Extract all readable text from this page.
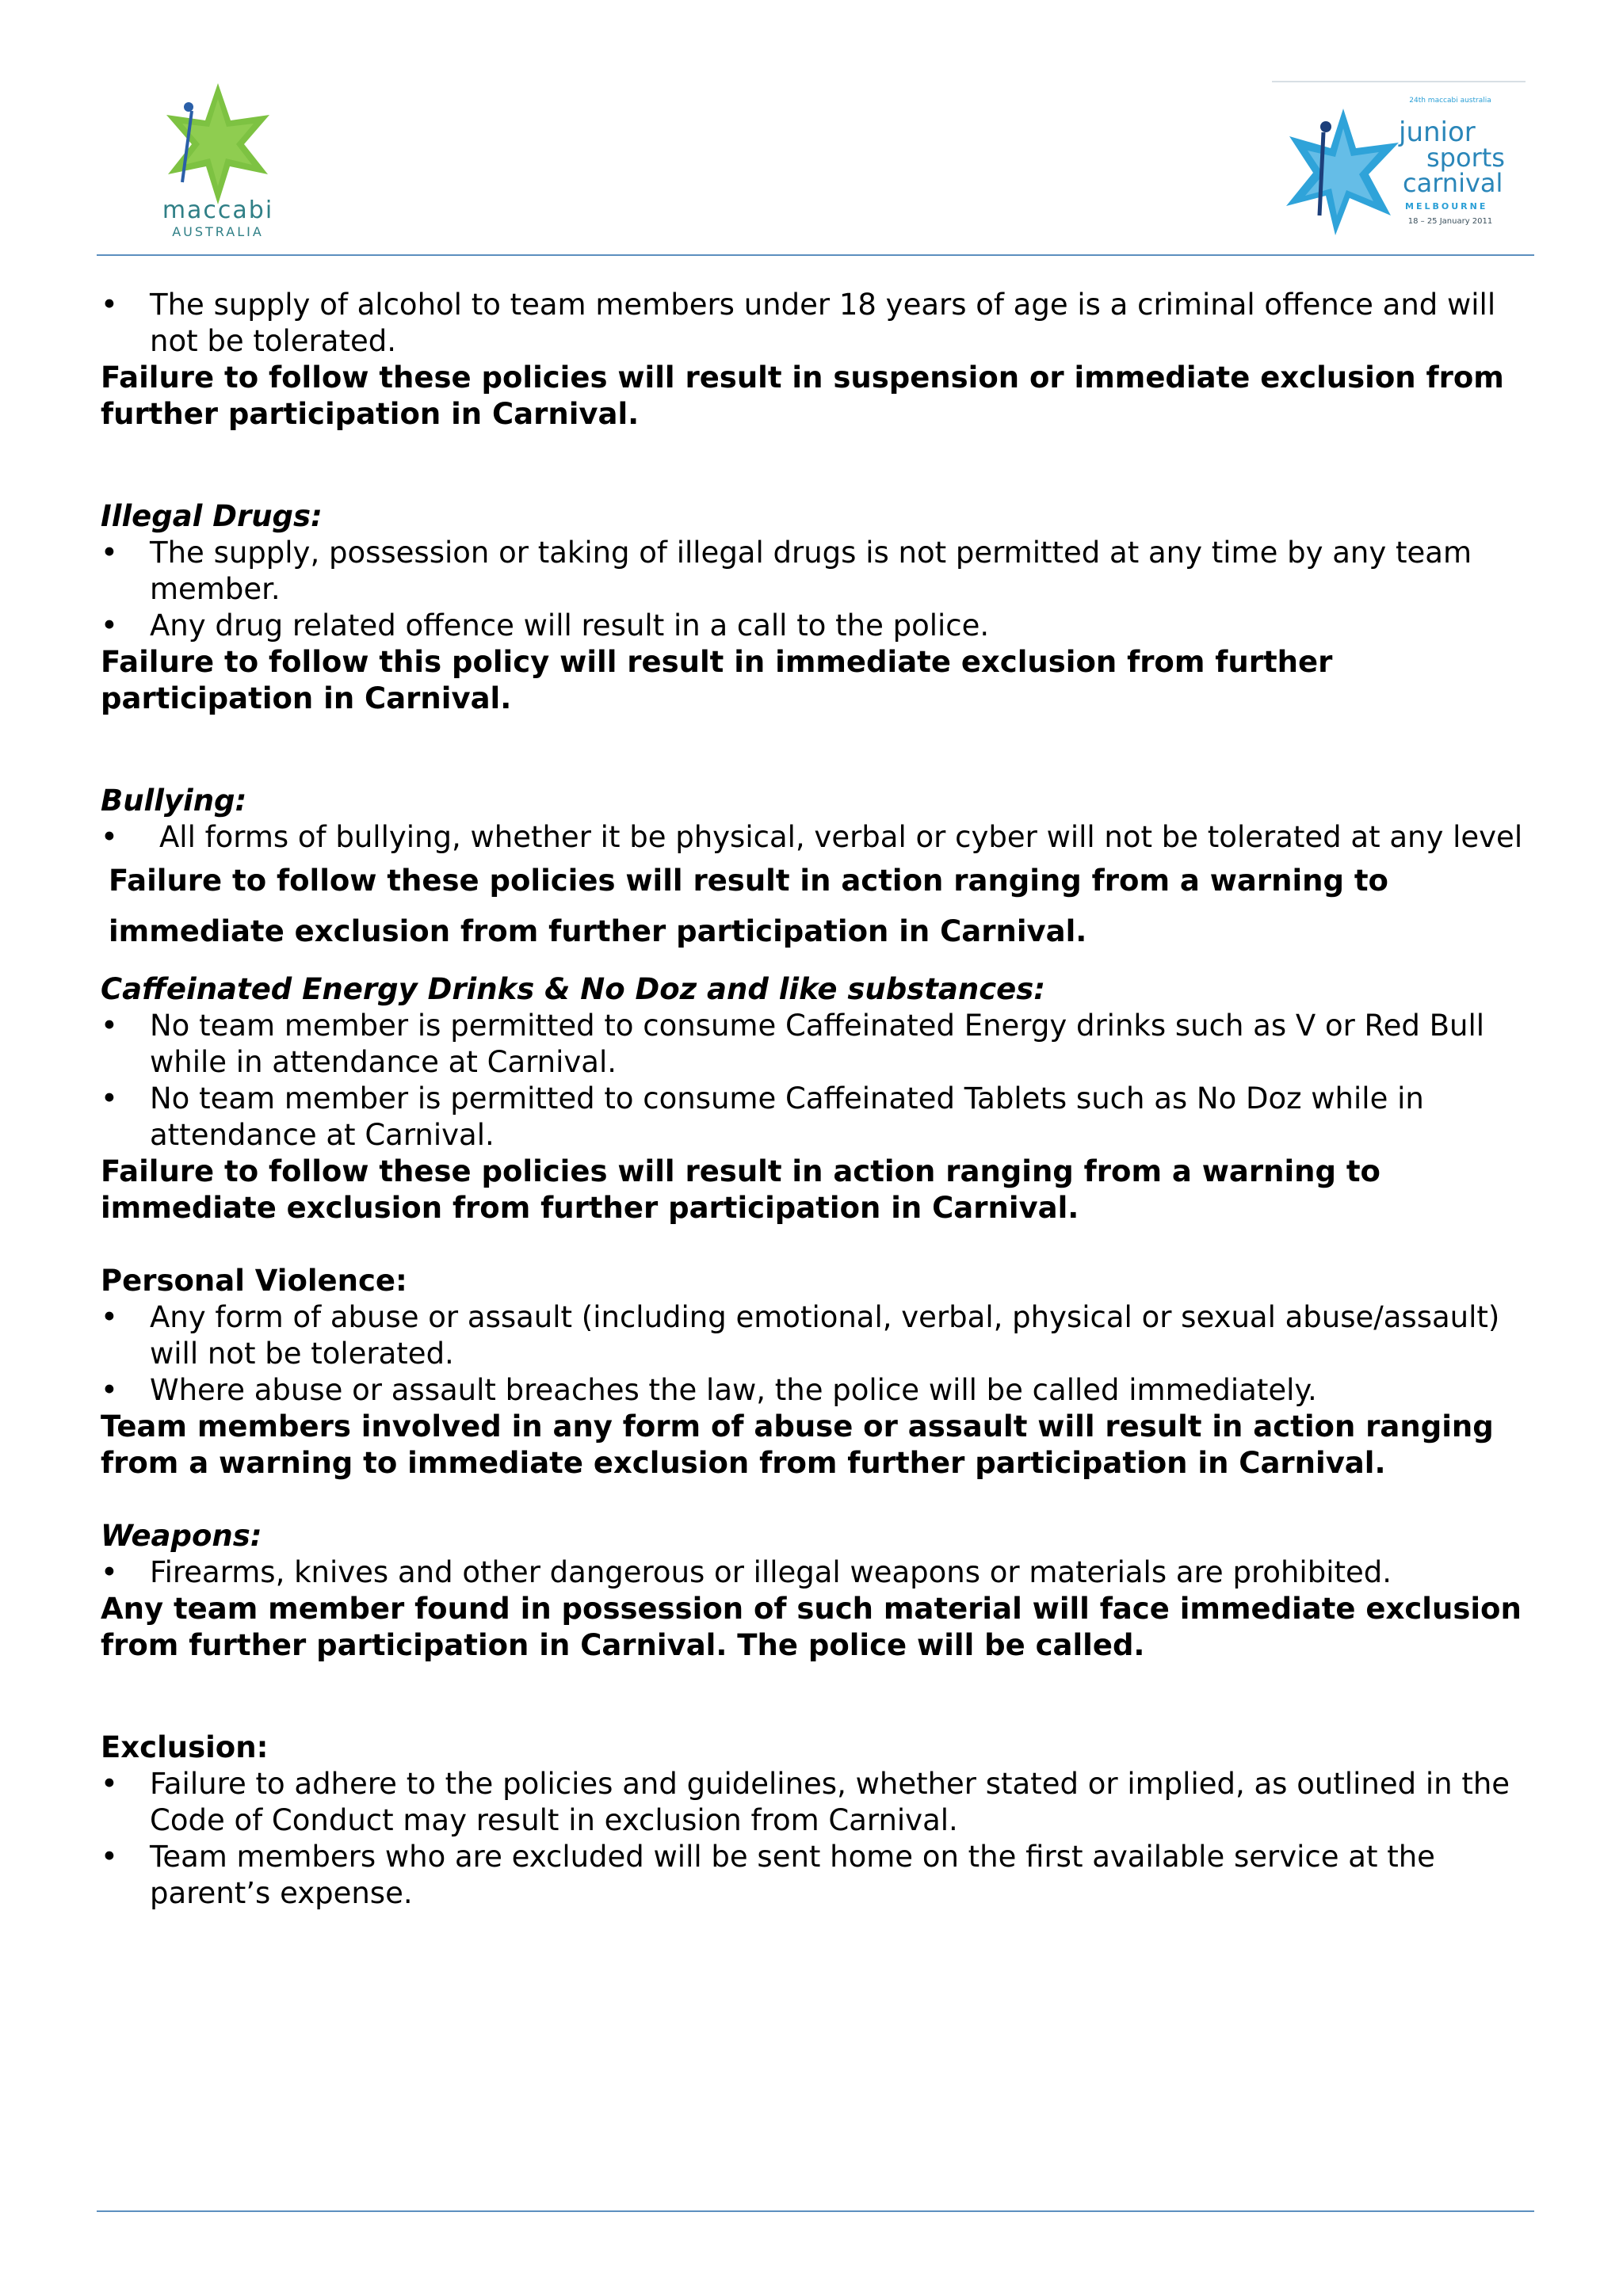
maccabi
AUSTRALIA
24th maccabi australia
junior
sports
carnival
MELBOURNE
18 – 25 January 2011
•	The supply of alcohol to team members under 18 years of age is a criminal offence and will not be tolerated.
Failure to follow these policies will result in suspension or immediate exclusion from further participation in Carnival.
Illegal Drugs:
•	The supply, possession or taking of illegal drugs is not permitted at any time by any team member.
•	Any drug related offence will result in a call to the police.
Failure to follow this policy will result in immediate exclusion from further participation in Carnival.
Bullying:
•	All forms of bullying, whether it be physical, verbal or cyber will not be tolerated at any level
Failure to follow these policies will result in action ranging from a warning to immediate exclusion from further participation in Carnival.
Caffeinated Energy Drinks & No Doz and like substances:
•	No team member is permitted to consume Caffeinated Energy drinks such as V or Red Bull while in attendance at Carnival.
•	No team member is permitted to consume Caffeinated Tablets such as No Doz while in attendance at Carnival.
Failure to follow these policies will result in action ranging from a warning to immediate exclusion from further participation in Carnival.
Personal Violence:
•	Any form of abuse or assault (including emotional, verbal, physical or sexual abuse/assault) will not be tolerated.
•	Where abuse or assault breaches the law, the police will be called immediately.
Team members involved in any form of abuse or assault will result in action ranging from a warning to immediate exclusion from further participation in Carnival.
Weapons:
•	Firearms, knives and other dangerous or illegal weapons or materials are prohibited.
Any team member found in possession of such material will face immediate exclusion from further participation in Carnival. The police will be called.
Exclusion:
•	Failure to adhere to the policies and guidelines, whether stated or implied, as outlined in the Code of Conduct may result in exclusion from Carnival.
•	Team members who are excluded will be sent home on the first available service at the parent’s expense.
